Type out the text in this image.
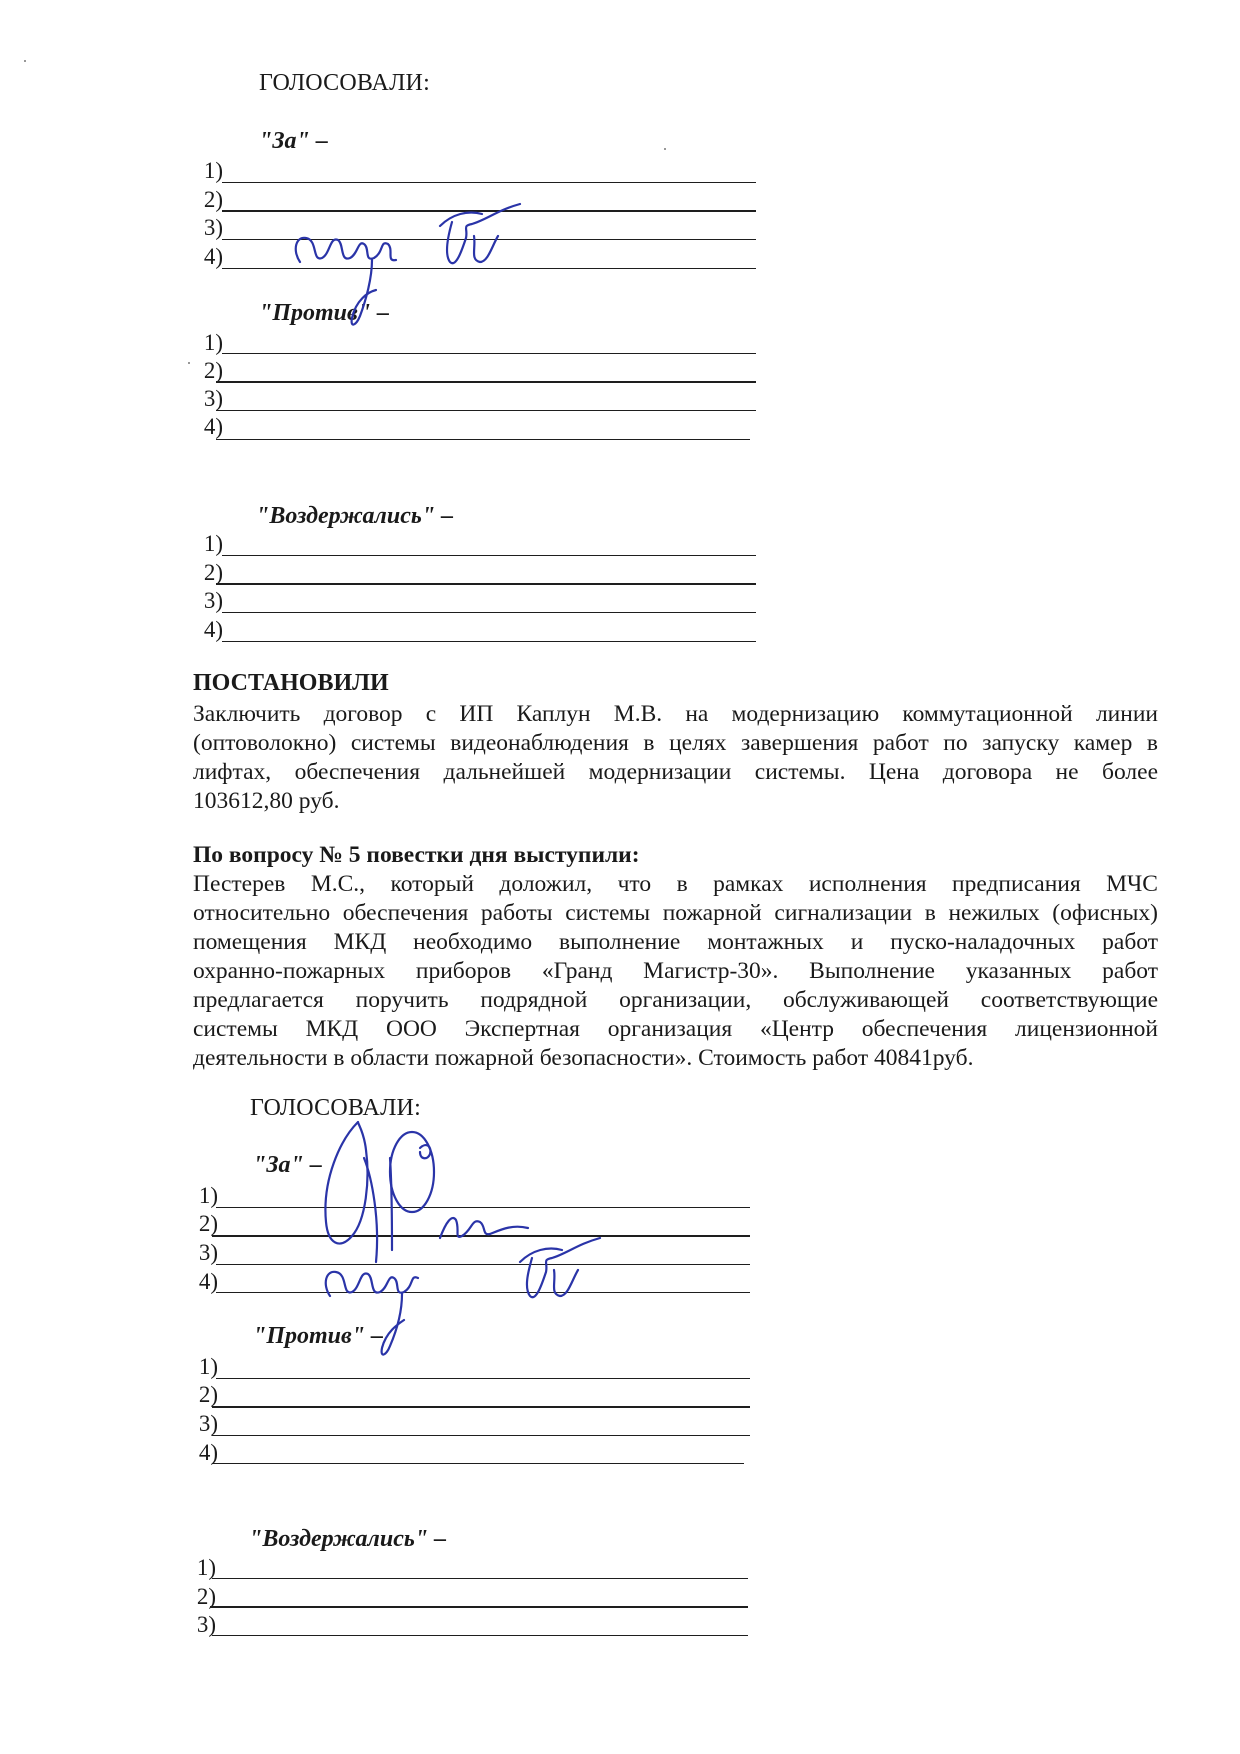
ГОЛОСОВАЛИ:
"За" –
1)
2)
3)
4)
"Против" –
1)
2)
3)
4)
"Воздержались" –
1)
2)
3)
4)
ПОСТАНОВИЛИ
Заключить договор с ИП Каплун М.В. на модернизацию коммутационной линии
(оптоволокно) системы видеонаблюдения в целях завершения работ по запуску камер в
лифтах, обеспечения дальнейшей модернизации системы. Цена договора не более
103612,80 руб.
По вопросу № 5 повестки дня выступили:
Пестерев М.С., который доложил, что в рамках исполнения предписания МЧС
относительно обеспечения работы системы пожарной сигнализации в нежилых (офисных)
помещения МКД необходимо выполнение монтажных и пуско-наладочных работ
охранно-пожарных приборов «Гранд Магистр-30». Выполнение указанных работ
предлагается поручить подрядной организации, обслуживающей соответствующие
системы МКД ООО Экспертная организация «Центр обеспечения лицензионной
деятельности в области пожарной безопасности». Стоимость работ 40841руб.
ГОЛОСОВАЛИ:
"За" –
1)
2)
3)
4)
"Против" –
1)
2)
3)
4)
"Воздержались" –
1)
2)
3)
